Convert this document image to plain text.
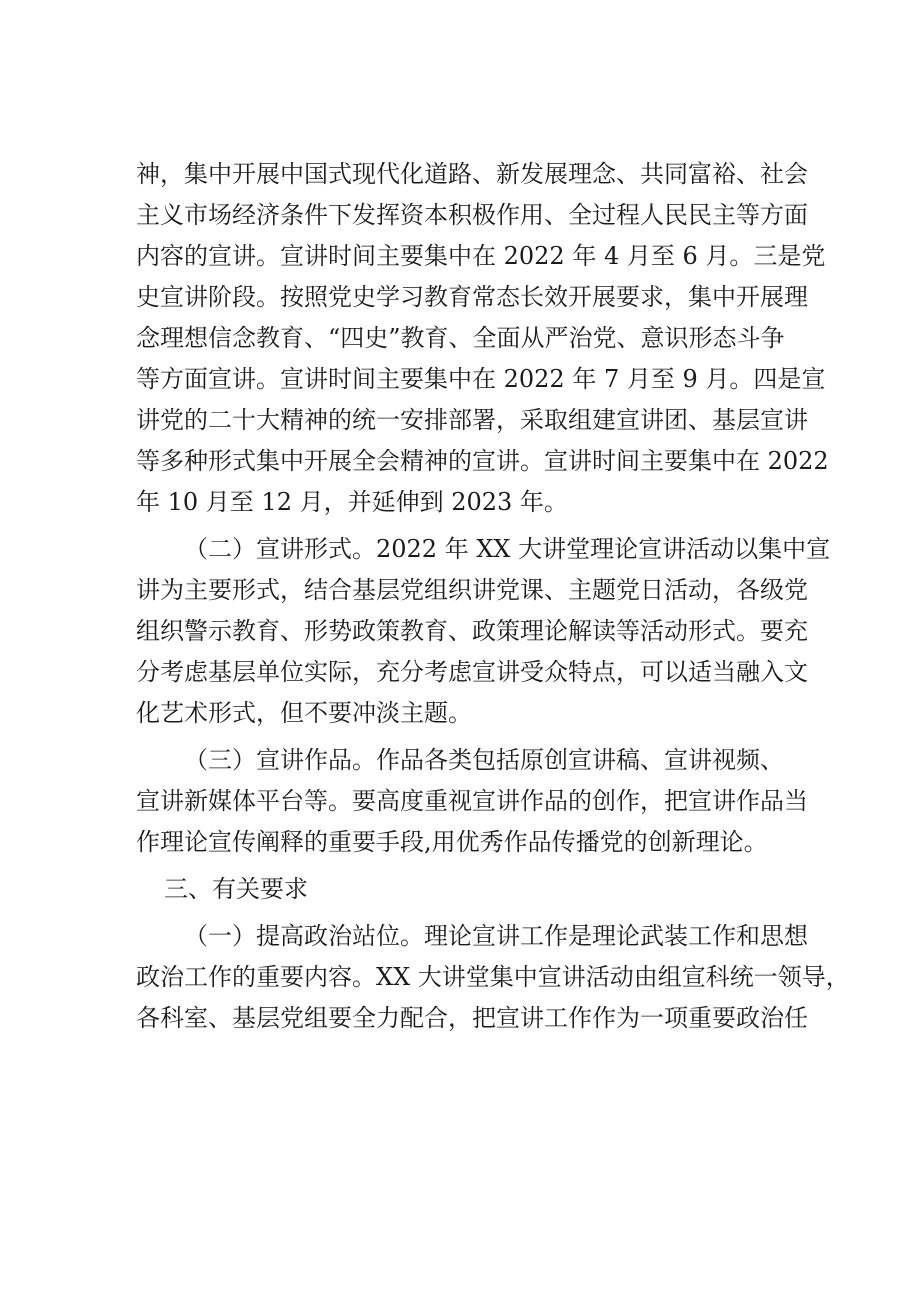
神，集中开展中国式现代化道路、新发展理念、共同富裕、社会
主义市场经济条件下发挥资本积极作用、全过程人民民主等方面
内容的宣讲。宣讲时间主要集中在 2022 年 4 月至 6 月。三是党
史宣讲阶段。按照党史学习教育常态长效开展要求，集中开展理
念理想信念教育、“四史”教育、全面从严治党、意识形态斗争
等方面宣讲。宣讲时间主要集中在 2022 年 7 月至 9 月。四是宣
讲党的二十大精神的统一安排部署，采取组建宣讲团、基层宣讲
等多种形式集中开展全会精神的宣讲。宣讲时间主要集中在 2022
年 10 月至 12 月，并延伸到 2023 年。
（二）宣讲形式。2022 年 XX 大讲堂理论宣讲活动以集中宣
讲为主要形式，结合基层党组织讲党课、主题党日活动，各级党
组织警示教育、形势政策教育、政策理论解读等活动形式。要充
分考虑基层单位实际，充分考虑宣讲受众特点，可以适当融入文
化艺术形式，但不要冲淡主题。
（三）宣讲作品。作品各类包括原创宣讲稿、宣讲视频、
宣讲新媒体平台等。要高度重视宣讲作品的创作，把宣讲作品当
作理论宣传阐释的重要手段,用优秀作品传播党的创新理论。
三、有关要求
（一）提高政治站位。理论宣讲工作是理论武装工作和思想
政治工作的重要内容。XX 大讲堂集中宣讲活动由组宣科统一领导，
各科室、基层党组要全力配合，把宣讲工作作为一项重要政治任
